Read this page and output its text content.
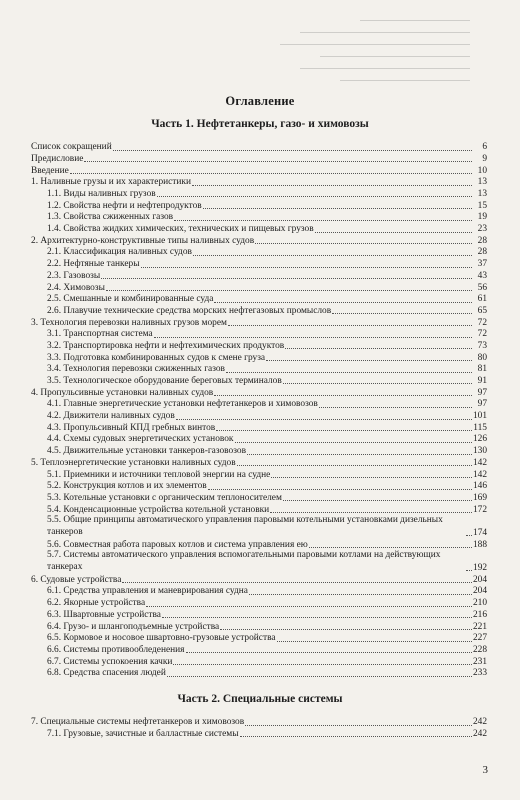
Оглавление
Часть 1. Нефтетанкеры, газо- и химовозы
Список сокращений	6
Предисловие	9
Введение	10
1. Наливные грузы и их характеристики	13
1.1. Виды наливных грузов	13
1.2. Свойства нефти и нефтепродуктов	15
1.3. Свойства сжиженных газов	19
1.4. Свойства жидких химических, технических и пищевых грузов	23
2. Архитектурно-конструктивные типы наливных судов	28
2.1. Классификация наливных судов	28
2.2. Нефтяные танкеры	37
2.3. Газовозы	43
2.4. Химовозы	56
2.5. Смешанные и комбинированные суда	61
2.6. Плавучие технические средства морских нефтегазовых промыслов	65
3. Технология перевозки наливных грузов морем	72
3.1. Транспортная система	72
3.2. Транспортировка нефти и нефтехимических продуктов	73
3.3. Подготовка комбинированных судов к смене груза	80
3.4. Технология перевозки сжиженных газов	81
3.5. Технологическое оборудование береговых терминалов	91
4. Пропульсивные установки наливных судов	97
4.1. Главные энергетические установки нефтетанкеров и химовозов	97
4.2. Движители наливных судов	101
4.3. Пропульсивный КПД гребных винтов	115
4.4. Схемы судовых энергетических установок	126
4.5. Движительные установки танкеров-газовозов	130
5. Теплоэнергетические установки наливных судов	142
5.1. Приемники и источники тепловой энергии на судне	142
5.2. Конструкция котлов и их элементов	146
5.3. Котельные установки с органическим теплоносителем	169
5.4. Конденсационные устройства котельной установки	172
5.5. Общие принципы автоматического управления паровыми котельными установками дизельных танкеров	174
5.6. Совместная работа паровых котлов и система управления ею	188
5.7. Системы автоматического управления вспомогательными паровыми котлами на действующих танкерах	192
6. Судовые устройства	204
6.1. Средства управления и маневрирования судна	204
6.2. Якорные устройства	210
6.3. Швартовные устройства	216
6.4. Грузо- и шлангоподъемные устройства	221
6.5. Кормовое и носовое швартовно-грузовые устройства	227
6.6. Системы противообледенения	228
6.7. Системы успокоения качки	231
6.8. Средства спасения людей	233
Часть 2. Специальные системы
7. Специальные системы нефтетанкеров и химовозов	242
7.1. Грузовые, зачистные и балластные системы	242
3
